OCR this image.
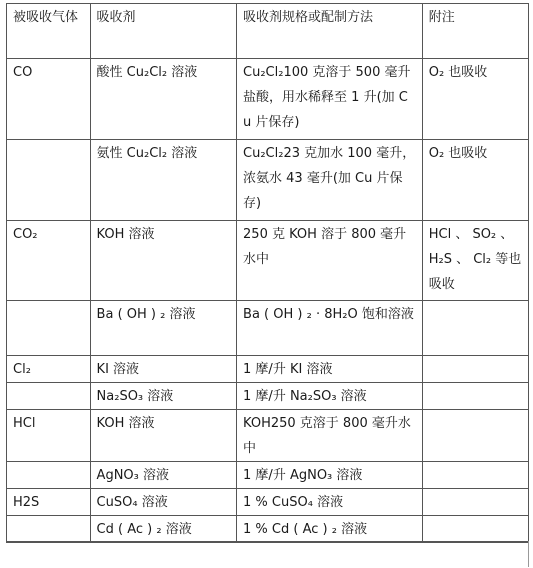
被吸收气体	吸收剂	吸收剂规格或配制方法	附注
CO	酸性 Cu₂Cl₂ 溶液	Cu₂Cl₂100 克溶于 500 毫升盐酸，用水稀释至 1 升(加 Cu 片保存)	O₂ 也吸收
	氨性 Cu₂Cl₂ 溶液	Cu₂Cl₂23 克加水 100 毫升，浓氨水 43 毫升(加 Cu 片保存)	O₂ 也吸收
CO₂	KOH 溶液	250 克 KOH 溶于 800 毫升水中	HCl 、 SO₂ 、 H₂S 、 Cl₂ 等也吸收
	Ba ( OH ) ₂ 溶液	Ba ( OH ) ₂ · 8H₂O 饱和溶液	
Cl₂	KI 溶液	1 摩/升 KI 溶液	
	Na₂SO₃ 溶液	1 摩/升 Na₂SO₃ 溶液	
HCl	KOH 溶液	KOH250 克溶于 800 毫升水中	
	AgNO₃ 溶液	1 摩/升 AgNO₃ 溶液	
H2S	CuSO₄ 溶液	1 % CuSO₄ 溶液	
	Cd ( Ac ) ₂ 溶液	1 % Cd ( Ac ) ₂ 溶液	
